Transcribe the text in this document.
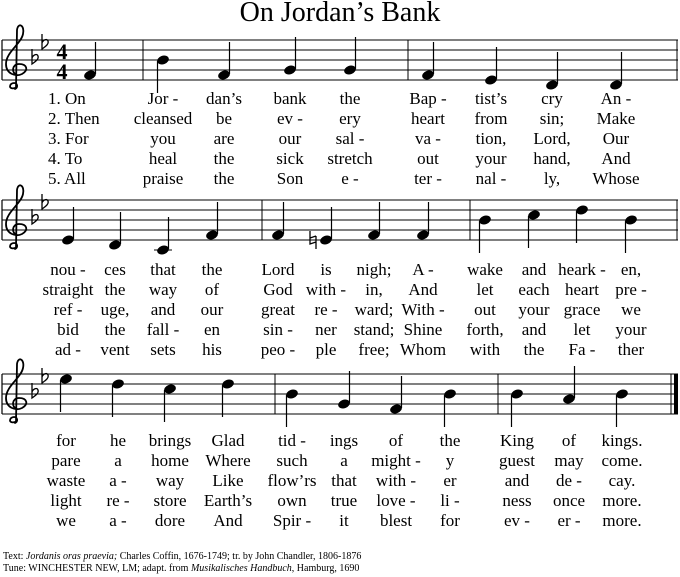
On Jordan’s Bank
4
4
1. On	Jor - dan’s bank the	Bap - tist’s cry An -
2. Then cleansed be	ev - ery	heart from sin; Make
3. For	you are	our sal -	va - tion, Lord, Our
4. To	heal the sick stretch	out your hand, And
5. All	praise the Son e -	ter - nal - ly, Whose
nou - ces that the Lord is nigh; A - wake and heark - en,
straight the way of	God with - in, And let each heart pre -
ref - uge, and our great re - ward; With - out your grace we
bid the fall - en	sin - ner stand; Shine forth, and let your
ad - vent sets his peo - ple free; Whom with the Fa - ther
for he brings Glad tid - ings of the King of kings.
pare a home Where such a might - y	guest may come.
waste a - way Like flow’rs that with - er	and de - cay.
light re - store Earth’s own true love - li -	ness once more.
we a - dore And Spir - it blest for	ev - er - more.
Text: Jordanis oras praevia; Charles Coffin, 1676-1749; tr. by John Chandler, 1806-1876
Tune: WINCHESTER NEW, LM; adapt. from Musikalisches Handbuch, Hamburg, 1690
